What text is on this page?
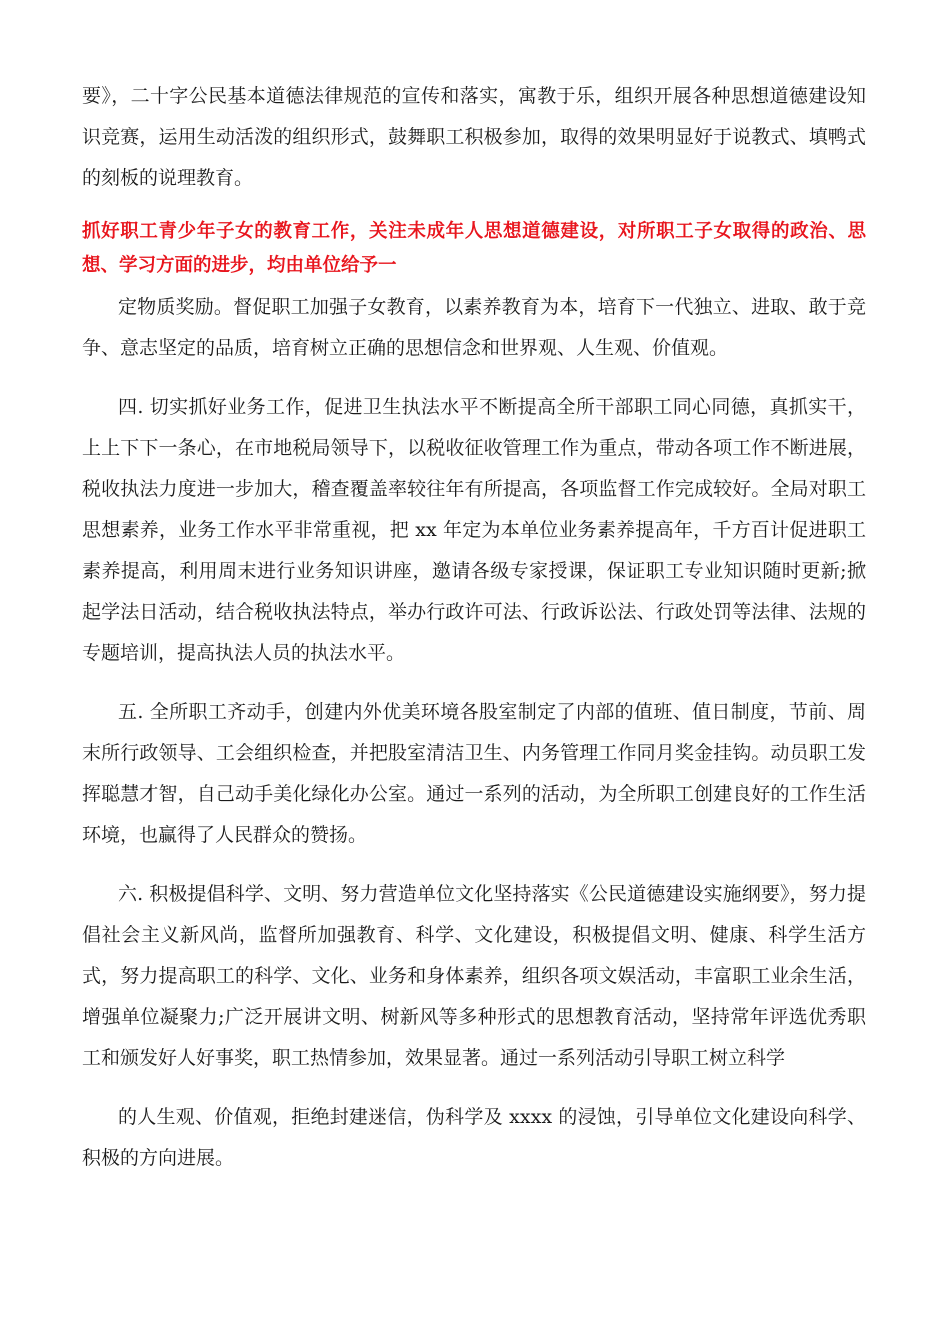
要》，二十字公民基本道德法律规范的宣传和落实，寓教于乐，组织开展各种思想道德建设知识竞赛，运用生动活泼的组织形式，鼓舞职工积极参加，取得的效果明显好于说教式、填鸭式的刻板的说理教育。

抓好职工青少年子女的教育工作，关注未成年人思想道德建设，对所职工子女取得的政治、思想、学习方面的进步，均由单位给予一

定物质奖励。督促职工加强子女教育，以素养教育为本，培育下一代独立、进取、敢于竞争、意志坚定的品质，培育树立正确的思想信念和世界观、人生观、价值观。

四. 切实抓好业务工作，促进卫生执法水平不断提高全所干部职工同心同德，真抓实干，上上下下一条心，在市地税局领导下，以税收征收管理工作为重点，带动各项工作不断进展，税收执法力度进一步加大，稽查覆盖率较往年有所提高，各项监督工作完成较好。全局对职工思想素养，业务工作水平非常重视，把 xx 年定为本单位业务素养提高年，千方百计促进职工素养提高，利用周末进行业务知识讲座，邀请各级专家授课，保证职工专业知识随时更新;掀起学法日活动，结合税收执法特点，举办行政许可法、行政诉讼法、行政处罚等法律、法规的专题培训，提高执法人员的执法水平。

五. 全所职工齐动手，创建内外优美环境各股室制定了内部的值班、值日制度，节前、周末所行政领导、工会组织检查，并把股室清洁卫生、内务管理工作同月奖金挂钩。动员职工发挥聪慧才智，自己动手美化绿化办公室。通过一系列的活动，为全所职工创建良好的工作生活环境，也赢得了人民群众的赞扬。

六. 积极提倡科学、文明、努力营造单位文化坚持落实《公民道德建设实施纲要》，努力提倡社会主义新风尚，监督所加强教育、科学、文化建设，积极提倡文明、健康、科学生活方式，努力提高职工的科学、文化、业务和身体素养，组织各项文娱活动，丰富职工业余生活，增强单位凝聚力;广泛开展讲文明、树新风等多种形式的思想教育活动，坚持常年评选优秀职工和颁发好人好事奖，职工热情参加，效果显著。通过一系列活动引导职工树立科学

的人生观、价值观，拒绝封建迷信，伪科学及 xxxx 的浸蚀，引导单位文化建设向科学、积极的方向进展。
